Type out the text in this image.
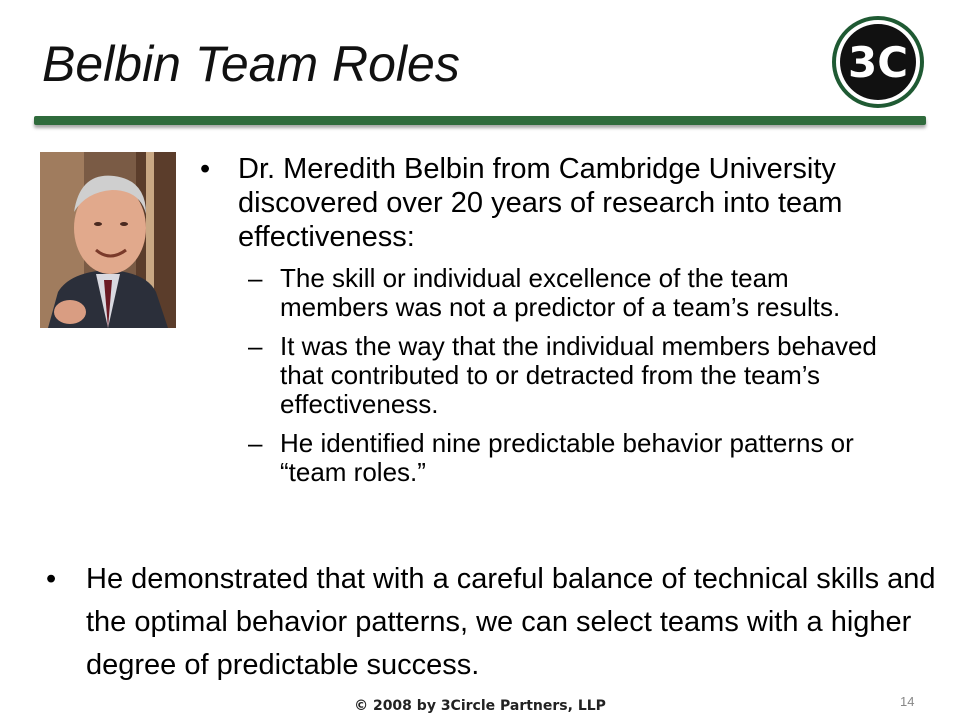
Belbin Team Roles	3C
• Dr. Meredith Belbin from Cambridge University discovered over 20 years of research into team effectiveness:
– The skill or individual excellence of the team members was not a predictor of a team’s results.
– It was the way that the individual members behaved that contributed to or detracted from the team’s effectiveness.
– He identified nine predictable behavior patterns or “team roles.”
• He demonstrated that with a careful balance of technical skills and the optimal behavior patterns, we can select teams with a higher degree of predictable success.
© 2008 by 3Circle Partners, LLP	14
